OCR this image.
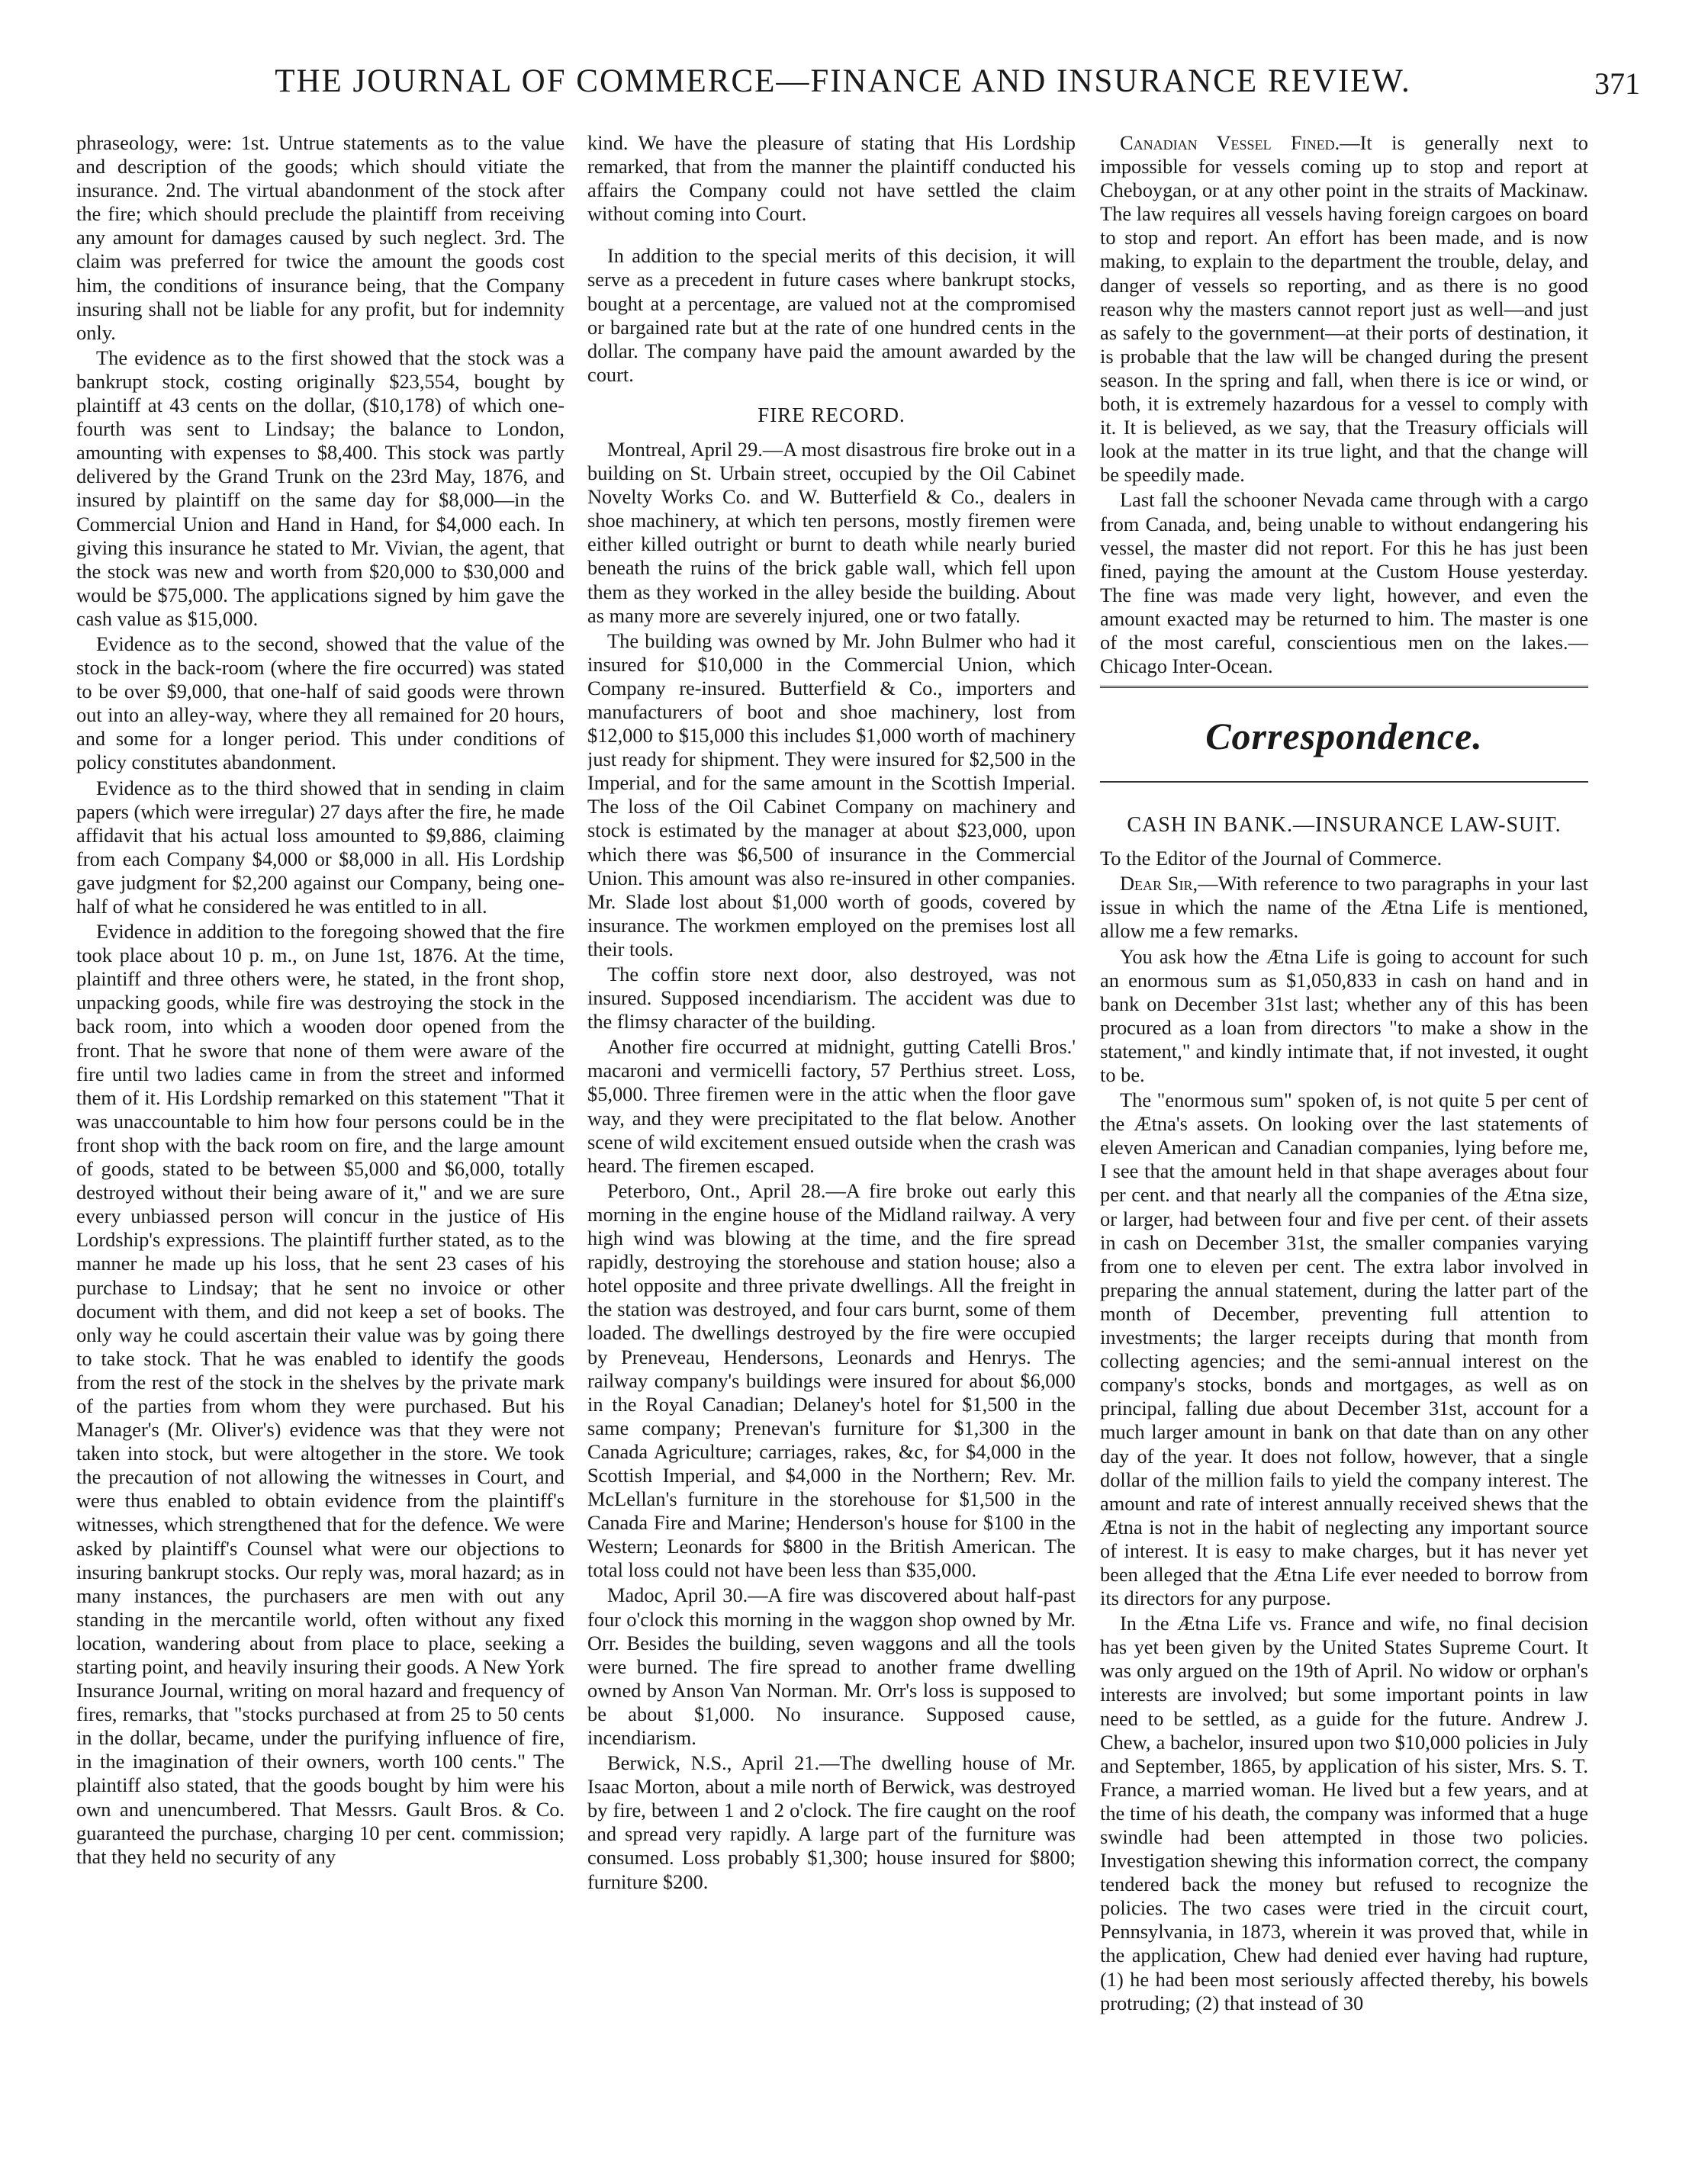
THE JOURNAL OF COMMERCE—FINANCE AND INSURANCE REVIEW.	371

phraseology, were: 1st. Untrue statements as to the value and description of the goods; which should vitiate the insurance. 2nd. The virtual abandonment of the stock after the fire; which should preclude the plaintiff from receiving any amount for damages caused by such neglect. 3rd. The claim was preferred for twice the amount the goods cost him, the conditions of insurance being, that the Company insuring shall not be liable for any profit, but for indemnity only.

The evidence as to the first showed that the stock was a bankrupt stock, costing originally $23,554, bought by plaintiff at 43 cents on the dollar, ($10,178) of which one-fourth was sent to Lindsay; the balance to London, amounting with expenses to $8,400. This stock was partly delivered by the Grand Trunk on the 23rd May, 1876, and insured by plaintiff on the same day for $8,000—in the Commercial Union and Hand in Hand, for $4,000 each. In giving this insurance he stated to Mr. Vivian, the agent, that the stock was new and worth from $20,000 to $30,000 and would be $75,000. The applications signed by him gave the cash value as $15,000.

Evidence as to the second, showed that the value of the stock in the back-room (where the fire occurred) was stated to be over $9,000, that one-half of said goods were thrown out into an alley-way, where they all remained for 20 hours, and some for a longer period. This under conditions of policy constitutes abandonment.

Evidence as to the third showed that in sending in claim papers (which were irregular) 27 days after the fire, he made affidavit that his actual loss amounted to $9,886, claiming from each Company $4,000 or $8,000 in all. His Lordship gave judgment for $2,200 against our Company, being one-half of what he considered he was entitled to in all.

Evidence in addition to the foregoing showed that the fire took place about 10 p. m., on June 1st, 1876. At the time, plaintiff and three others were, he stated, in the front shop, unpacking goods, while fire was destroying the stock in the back room, into which a wooden door opened from the front. That he swore that none of them were aware of the fire until two ladies came in from the street and informed them of it. His Lordship remarked on this statement "That it was unaccountable to him how four persons could be in the front shop with the back room on fire, and the large amount of goods, stated to be between $5,000 and $6,000, totally destroyed without their being aware of it," and we are sure every unbiassed person will concur in the justice of His Lordship's expressions. The plaintiff further stated, as to the manner he made up his loss, that he sent 23 cases of his purchase to Lindsay; that he sent no invoice or other document with them, and did not keep a set of books. The only way he could ascertain their value was by going there to take stock. That he was enabled to identify the goods from the rest of the stock in the shelves by the private mark of the parties from whom they were purchased. But his Manager's (Mr. Oliver's) evidence was that they were not taken into stock, but were altogether in the store. We took the precaution of not allowing the witnesses in Court, and were thus enabled to obtain evidence from the plaintiff's witnesses, which strengthened that for the defence. We were asked by plaintiff's Counsel what were our objections to insuring bankrupt stocks. Our reply was, moral hazard; as in many instances, the purchasers are men with out any standing in the mercantile world, often without any fixed location, wandering about from place to place, seeking a starting point, and heavily insuring their goods. A New York Insurance Journal, writing on moral hazard and frequency of fires, remarks, that "stocks purchased at from 25 to 50 cents in the dollar, became, under the purifying influence of fire, in the imagination of their owners, worth 100 cents." The plaintiff also stated, that the goods bought by him were his own and unencumbered. That Messrs. Gault Bros. & Co. guaranteed the purchase, charging 10 per cent. commission; that they held no security of any

kind. We have the pleasure of stating that His Lordship remarked, that from the manner the plaintiff conducted his affairs the Company could not have settled the claim without coming into Court.

In addition to the special merits of this decision, it will serve as a precedent in future cases where bankrupt stocks, bought at a percentage, are valued not at the compromised or bargained rate but at the rate of one hundred cents in the dollar. The company have paid the amount awarded by the court.

FIRE RECORD.

Montreal, April 29.—A most disastrous fire broke out in a building on St. Urbain street, occupied by the Oil Cabinet Novelty Works Co. and W. Butterfield & Co., dealers in shoe machinery, at which ten persons, mostly firemen were either killed outright or burnt to death while nearly buried beneath the ruins of the brick gable wall, which fell upon them as they worked in the alley beside the building. About as many more are severely injured, one or two fatally.

The building was owned by Mr. John Bulmer who had it insured for $10,000 in the Commercial Union, which Company re-insured. Butterfield & Co., importers and manufacturers of boot and shoe machinery, lost from $12,000 to $15,000 this includes $1,000 worth of machinery just ready for shipment. They were insured for $2,500 in the Imperial, and for the same amount in the Scottish Imperial. The loss of the Oil Cabinet Company on machinery and stock is estimated by the manager at about $23,000, upon which there was $6,500 of insurance in the Commercial Union. This amount was also re-insured in other companies. Mr. Slade lost about $1,000 worth of goods, covered by insurance. The workmen employed on the premises lost all their tools.

The coffin store next door, also destroyed, was not insured. Supposed incendiarism. The accident was due to the flimsy character of the building.

Another fire occurred at midnight, gutting Catelli Bros.' macaroni and vermicelli factory, 57 Perthius street. Loss, $5,000. Three firemen were in the attic when the floor gave way, and they were precipitated to the flat below. Another scene of wild excitement ensued outside when the crash was heard. The firemen escaped.

Peterboro, Ont., April 28.—A fire broke out early this morning in the engine house of the Midland railway. A very high wind was blowing at the time, and the fire spread rapidly, destroying the storehouse and station house; also a hotel opposite and three private dwellings. All the freight in the station was destroyed, and four cars burnt, some of them loaded. The dwellings destroyed by the fire were occupied by Preneveau, Hendersons, Leonards and Henrys. The railway company's buildings were insured for about $6,000 in the Royal Canadian; Delaney's hotel for $1,500 in the same company; Prenevan's furniture for $1,300 in the Canada Agriculture; carriages, rakes, &c, for $4,000 in the Scottish Imperial, and $4,000 in the Northern; Rev. Mr. McLellan's furniture in the storehouse for $1,500 in the Canada Fire and Marine; Henderson's house for $100 in the Western; Leonards for $800 in the British American. The total loss could not have been less than $35,000.

Madoc, April 30.—A fire was discovered about half-past four o'clock this morning in the waggon shop owned by Mr. Orr. Besides the building, seven waggons and all the tools were burned. The fire spread to another frame dwelling owned by Anson Van Norman. Mr. Orr's loss is supposed to be about $1,000. No insurance. Supposed cause, incendiarism.

Berwick, N.S., April 21.—The dwelling house of Mr. Isaac Morton, about a mile north of Berwick, was destroyed by fire, between 1 and 2 o'clock. The fire caught on the roof and spread very rapidly. A large part of the furniture was consumed. Loss probably $1,300; house insured for $800; furniture $200.

Canadian Vessel Fined.—It is generally next to impossible for vessels coming up to stop and report at Cheboygan, or at any other point in the straits of Mackinaw. The law requires all vessels having foreign cargoes on board to stop and report. An effort has been made, and is now making, to explain to the department the trouble, delay, and danger of vessels so reporting, and as there is no good reason why the masters cannot report just as well—and just as safely to the government—at their ports of destination, it is probable that the law will be changed during the present season. In the spring and fall, when there is ice or wind, or both, it is extremely hazardous for a vessel to comply with it. It is believed, as we say, that the Treasury officials will look at the matter in its true light, and that the change will be speedily made.

Last fall the schooner Nevada came through with a cargo from Canada, and, being unable to without endangering his vessel, the master did not report. For this he has just been fined, paying the amount at the Custom House yesterday. The fine was made very light, however, and even the amount exacted may be returned to him. The master is one of the most careful, conscientious men on the lakes.—Chicago Inter-Ocean.

Correspondence.
CASH IN BANK.—INSURANCE LAW-SUIT.

To the Editor of the Journal of Commerce.

Dear Sir,—With reference to two paragraphs in your last issue in which the name of the Ætna Life is mentioned, allow me a few remarks.

You ask how the Ætna Life is going to account for such an enormous sum as $1,050,833 in cash on hand and in bank on December 31st last; whether any of this has been procured as a loan from directors "to make a show in the statement," and kindly intimate that, if not invested, it ought to be.

The "enormous sum" spoken of, is not quite 5 per cent of the Ætna's assets. On looking over the last statements of eleven American and Canadian companies, lying before me, I see that the amount held in that shape averages about four per cent. and that nearly all the companies of the Ætna size, or larger, had between four and five per cent. of their assets in cash on December 31st, the smaller companies varying from one to eleven per cent. The extra labor involved in preparing the annual statement, during the latter part of the month of December, preventing full attention to investments; the larger receipts during that month from collecting agencies; and the semi-annual interest on the company's stocks, bonds and mortgages, as well as on principal, falling due about December 31st, account for a much larger amount in bank on that date than on any other day of the year. It does not follow, however, that a single dollar of the million fails to yield the company interest. The amount and rate of interest annually received shews that the Ætna is not in the habit of neglecting any important source of interest. It is easy to make charges, but it has never yet been alleged that the Ætna Life ever needed to borrow from its directors for any purpose.

In the Ætna Life vs. France and wife, no final decision has yet been given by the United States Supreme Court. It was only argued on the 19th of April. No widow or orphan's interests are involved; but some important points in law need to be settled, as a guide for the future. Andrew J. Chew, a bachelor, insured upon two $10,000 policies in July and September, 1865, by application of his sister, Mrs. S. T. France, a married woman. He lived but a few years, and at the time of his death, the company was informed that a huge swindle had been attempted in those two policies. Investigation shewing this information correct, the company tendered back the money but refused to recognize the policies. The two cases were tried in the circuit court, Pennsylvania, in 1873, wherein it was proved that, while in the application, Chew had denied ever having had rupture, (1) he had been most seriously affected thereby, his bowels protruding; (2) that instead of 30
